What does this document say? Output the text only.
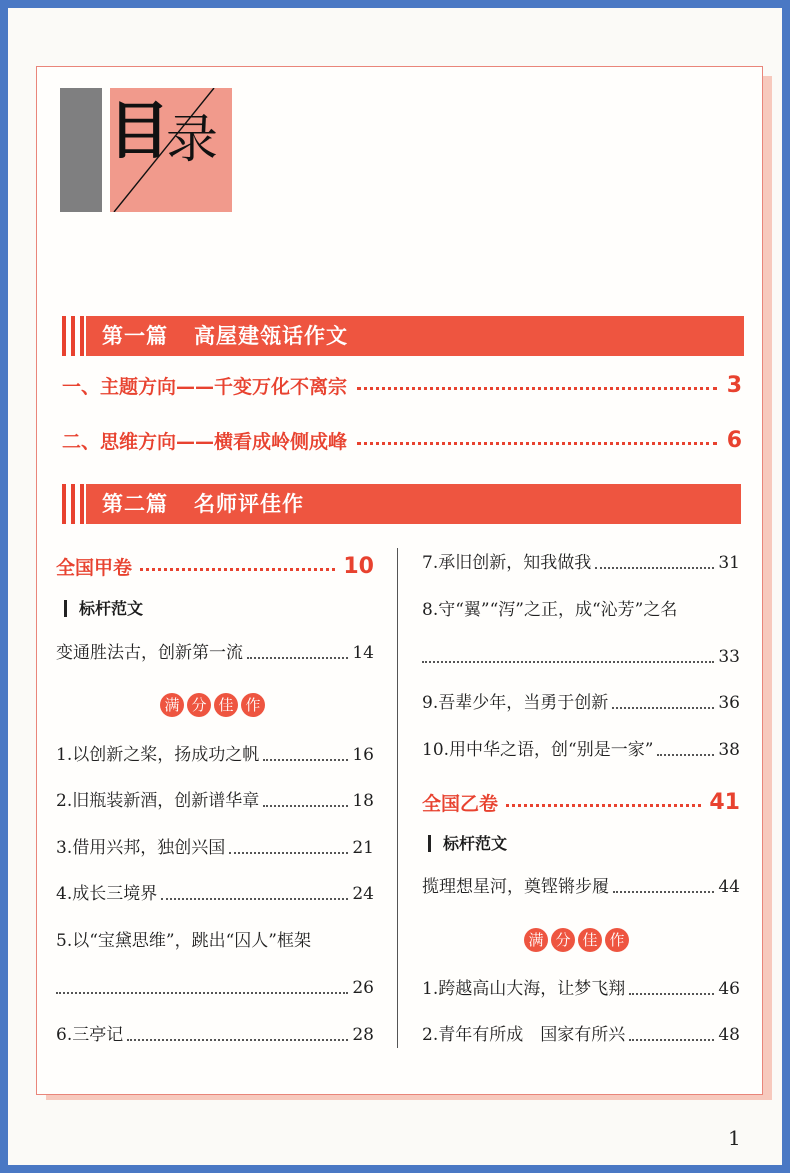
目
录
第一篇 高屋建瓴话作文
一、主题方向——千变万化不离宗	3
二、思维方向——横看成岭侧成峰	6
第二篇 名师评佳作
全国甲卷	10
标杆范文
变通胜法古，创新第一流	14
满 分 佳 作
1.以创新之桨，扬成功之帆	16
2.旧瓶装新酒，创新谱华章	18
3.借用兴邦，独创兴国	21
4.成长三境界	24
5.以“宝黛思维”，跳出“囚人”框架
26
6.三亭记	28
7.承旧创新，知我做我	31
8.守“翼”“泻”之正，成“沁芳”之名
33
9.吾辈少年，当勇于创新	36
10.用中华之语，创“别是一家”	38
全国乙卷	41
标杆范文
揽理想星河，奠铿锵步履	44
满 分 佳 作
1.跨越高山大海，让梦飞翔	46
2.青年有所成　国家有所兴	48
1
